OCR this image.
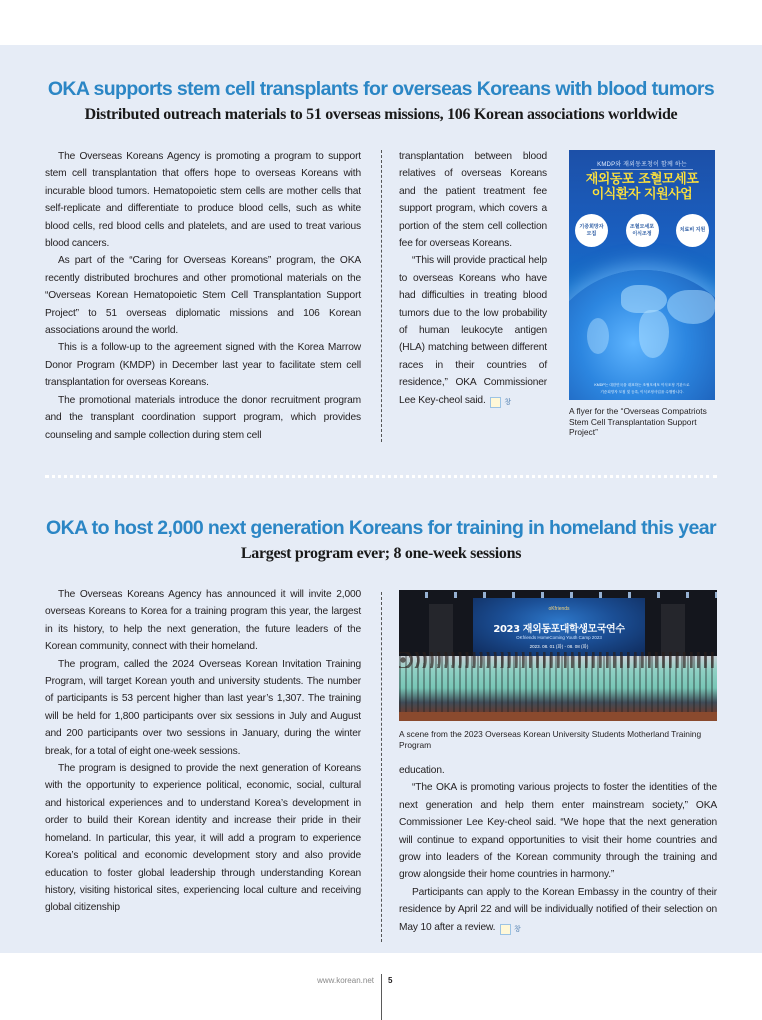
OKA supports stem cell transplants for overseas Koreans with blood tumors
Distributed outreach materials to 51 overseas missions, 106 Korean associations worldwide

The Overseas Koreans Agency is promoting a program to support stem cell transplantation that offers hope to overseas Koreans with incurable blood tumors. Hematopoietic stem cells are mother cells that self-replicate and differentiate to produce blood cells, such as white blood cells, red blood cells and platelets, and are used to treat various blood cancers.

As part of the “Caring for Overseas Koreans” program, the OKA recently distributed brochures and other promotional materials on the “Overseas Korean Hematopoietic Stem Cell Transplantation Support Project” to 51 overseas diplomatic missions and 106 Korean associations around the world.

This is a follow-up to the agreement signed with the Korea Marrow Donor Program (KMDP) in December last year to facilitate stem cell transplantation for overseas Koreans.

The promotional materials introduce the donor recruitment program and the transplant coordination support program, which provides counseling and sample collection during stem cell

transplantation between blood relatives of overseas Koreans and the patient treatment fee support program, which covers a portion of the stem cell collection fee for overseas Koreans.

“This will provide practical help to overseas Koreans who have had difficulties in treating blood tumors due to the low probability of human leukocyte antigen (HLA) matching between different races in their countries of residence,” OKA Commissioner Lee Key-cheol said.	창

KMDP와 재외동포청이 함께 하는
재외동포 조혈모세포
이식환자 지원사업
기증희망자 모집
조혈모세포 이식조정
치료비 지원
KMDP는 대한민국을 대표하는 조혈모세포 이식조정 기관으로
기증희망자 모집 및 등록, 이식조정사업을 수행합니다.
A flyer for the “Overseas Compatriots Stem Cell Transplantation Support Project”
OKA to host 2,000 next generation Koreans for training in homeland this year
Largest program ever; 8 one-week sessions

The Overseas Koreans Agency has announced it will invite 2,000 overseas Koreans to Korea for a training program this year, the largest in its history, to help the next generation, the future leaders of the Korean community, connect with their homeland.

The program, called the 2024 Overseas Korean Invitation Training Program, will target Korean youth and university students. The number of participants is 53 percent higher than last year’s 1,307. The training will be held for 1,800 participants over six sessions in July and August and 200 participants over two sessions in January, during the winter break, for a total of eight one-week sessions.

The program is designed to provide the next generation of Koreans with the opportunity to experience political, economic, social, cultural and historical experiences and to understand Korea’s development in order to build their Korean identity and increase their pride in their homeland. In particular, this year, it will add a program to experience Korea’s political and economic development story and also provide education to foster global leadership through understanding Korean history, visiting historical sites, experiencing local culture and receiving global citizenship

oKfriends
2023 재외동포대학생모국연수
OKfriends HomeComing Youth Camp 2023
2023. 08. 01 (화) - 08. 08 (화)
A scene from the 2023 Overseas Korean University Students Motherland Training Program

education.

“The OKA is promoting various projects to foster the identities of the next generation and help them enter mainstream society,” OKA Commissioner Lee Key-cheol said. “We hope that the next generation will continue to expand opportunities to visit their home countries and grow into leaders of the Korean community through the training and grow alongside their home countries in harmony.”

Participants can apply to the Korean Embassy in the country of their residence by April 22 and will be individually notified of their selection on May 10 after a review.	창

www.korean.net 5
